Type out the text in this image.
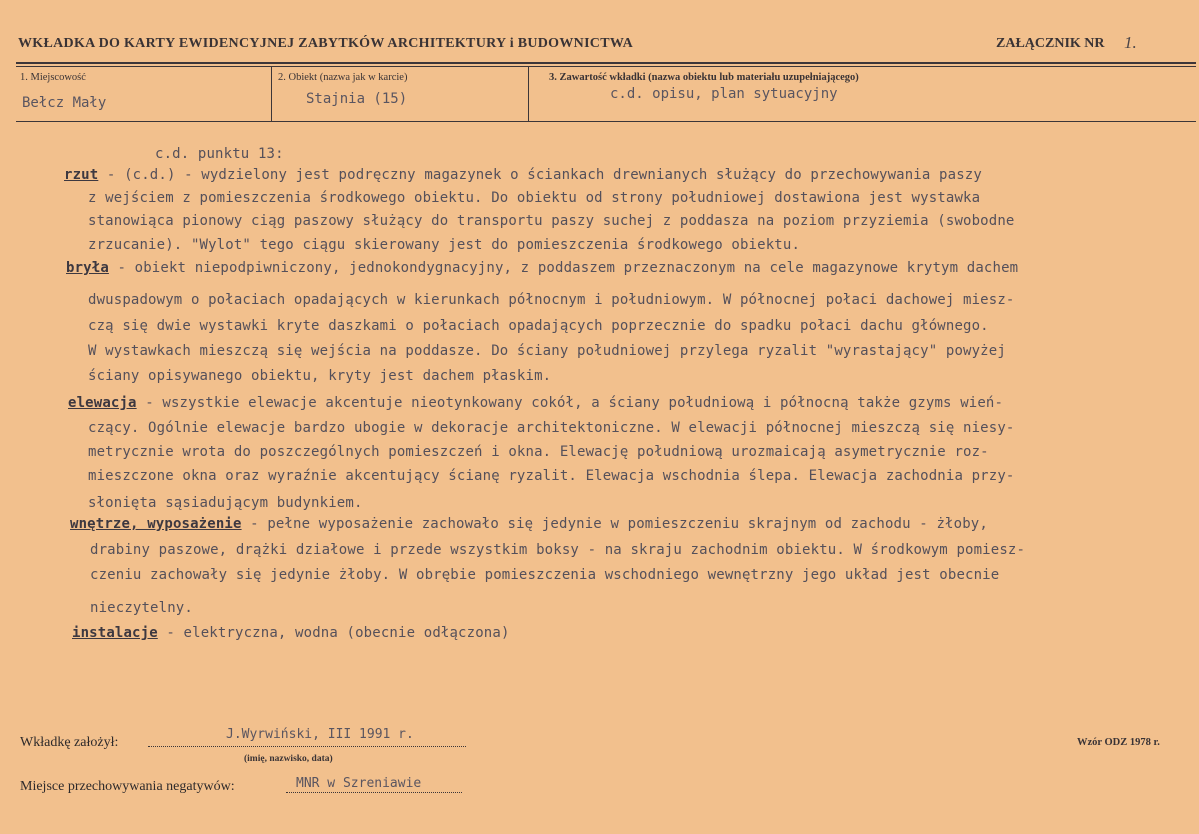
WKŁADKA DO KARTY EWIDENCYJNEJ ZABYTKÓW ARCHITEKTURY i BUDOWNICTWA	ZAŁĄCZNIK NR 1.
1. Miejscowość
Bełcz Mały
2. Obiekt (nazwa jak w karcie)
Stajnia (15)
3. Zawartość wkładki (nazwa obiektu lub materiału uzupełniającego)
c.d. opisu, plan sytuacyjny
c.d. punktu 13:
rzut - (c.d.) - wydzielony jest podręczny magazynek o ściankach drewnianych służący do przechowywania paszy
z wejściem z pomieszczenia środkowego obiektu. Do obiektu od strony południowej dostawiona jest wystawka
stanowiąca pionowy ciąg paszowy służący do transportu paszy suchej z poddasza na poziom przyziemia (swobodne
zrzucanie). "Wylot" tego ciągu skierowany jest do pomieszczenia środkowego obiektu.
bryła - obiekt niepodpiwniczony, jednokondygnacyjny, z poddaszem przeznaczonym na cele magazynowe krytym dachem
dwuspadowym o połaciach opadających w kierunkach północnym i południowym. W północnej połaci dachowej miesz-
czą się dwie wystawki kryte daszkami o połaciach opadających poprzecznie do spadku połaci dachu głównego.
W wystawkach mieszczą się wejścia na poddasze. Do ściany południowej przylega ryzalit "wyrastający" powyżej
ściany opisywanego obiektu, kryty jest dachem płaskim.
elewacja - wszystkie elewacje akcentuje nieotynkowany cokół, a ściany południową i północną także gzyms wień-
czący. Ogólnie elewacje bardzo ubogie w dekoracje architektoniczne. W elewacji północnej mieszczą się niesy-
metrycznie wrota do poszczególnych pomieszczeń i okna. Elewację południową urozmaicają asymetrycznie roz-
mieszczone okna oraz wyraźnie akcentujący ścianę ryzalit. Elewacja wschodnia ślepa. Elewacja zachodnia przy-
słonięta sąsiadującym budynkiem.
wnętrze, wyposażenie - pełne wyposażenie zachowało się jedynie w pomieszczeniu skrajnym od zachodu - żłoby,
drabiny paszowe, drążki działowe i przede wszystkim boksy - na skraju zachodnim obiektu. W środkowym pomiesz-
czeniu zachowały się jedynie żłoby. W obrębie pomieszczenia wschodniego wewnętrzny jego układ jest obecnie
nieczytelny.
instalacje - elektryczna, wodna (obecnie odłączona)
Wkładkę założył:
J.Wyrwiński, III 1991 r.
(imię, nazwisko, data)
Wzór ODZ 1978 r.
Miejsce przechowywania negatywów:	MNR w Szreniawie
